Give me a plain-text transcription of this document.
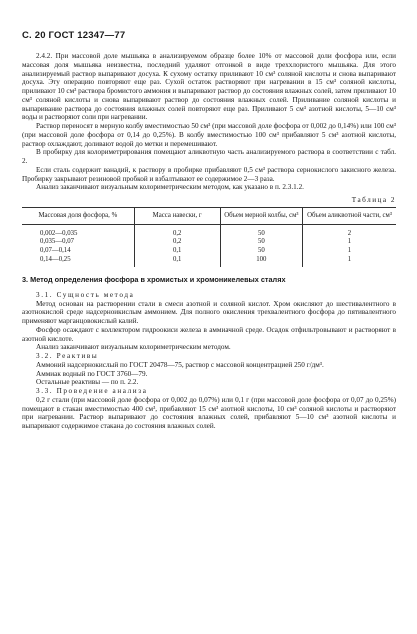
С. 20 ГОСТ 12347—77

2.4.2. При массовой доле мышьяка в анализируемом образце более 10% от массовой доли фосфора или, если массовая доля мышьяка неизвестна, последний удаляют отгонкой в виде треххлористого мышьяка. Для этого анализируемый раствор выпаривают досуха. К сухому остатку приливают 10 см³ соляной кислоты и снова выпаривают досуха. Эту операцию повторяют еще раз. Сухой остаток растворяют при нагревании в 15 см³ соляной кислоты, приливают 10 см³ раствора бромистого аммония и выпаривают раствор до состояния влажных солей, затем приливают 10 см³ соляной кислоты и снова выпаривают раствор до состояния влажных солей. Приливание соляной кислоты и выпаривание раствора до состояния влажных солей повторяют еще раз. Приливают 5 см³ азотной кислоты, 5—10 см³ воды и растворяют соли при нагревании.

Раствор переносят в мерную колбу вместимостью 50 см³ (при массовой доле фосфора от 0,002 до 0,14%) или 100 см³ (при массовой доле фосфора от 0,14 до 0,25%). В колбу вместимостью 100 см³ прибавляют 5 см³ азотной кислоты, раствор охлаждают, доливают водой до метки и перемешивают.

В пробирку для колориметрирования помещают аликвотную часть анализируемого раствора в соответствии с табл. 2.

Если сталь содержит ванадий, к раствору в пробирке прибавляют 0,5 см³ раствора сернокислого закисного железа. Пробирку закрывают резиновой пробкой и взбалтывают ее содержимое 2—3 раза.

Анализ заканчивают визуальным колориметрическим методом, как указано в п. 2.3.1.2.

Таблица 2
Массовая доля фосфора, %	Масса навески, г	Объем мерной колбы, см³	Объем аликвотной части, см³
0,002—0,035	0,2	50	2
0,035—0,07	0,2	50	1
0,07—0,14	0,1	50	1
0,14—0,25	0,1	100	1
3. Метод определения фосфора в хромистых и хромоникелевых сталях

3.1. Сущность метода

Метод основан на растворении стали в смеси азотной и соляной кислот. Хром окисляют до шестивалентного в азотнокислой среде надсерноикислым аммонием. Для полного окисления трехвалентного фосфора до пятивалентного применяют марганцовокислый калий.

Фосфор осаждают с коллектором гидроокиси железа в аммиачной среде. Осадок отфильтровывают и растворяют в азотной кислоте.

Анализ заканчивают визуальным колориметрическим методом.

3.2. Реактивы

Аммоний надсернокислый по ГОСТ 20478—75, раствор с массовой концентрацией 250 г/дм³.

Аммиак водный по ГОСТ 3760—79.

Остальные реактивы — по п. 2.2.

3.3. Проведение анализа

0,2 г стали (при массовой доле фосфора от 0,002 до 0,07%) или 0,1 г (при массовой доле фосфора от 0,07 до 0,25%) помещают в стакан вместимостью 400 см³, прибавляют 15 см³ азотной кислоты, 10 см³ соляной кислоты и растворяют при нагревании. Раствор выпаривают до состояния влажных солей, прибавляют 5—10 см³ азотной кислоты и выпаривают содержимое стакана до состояния влажных солей.
